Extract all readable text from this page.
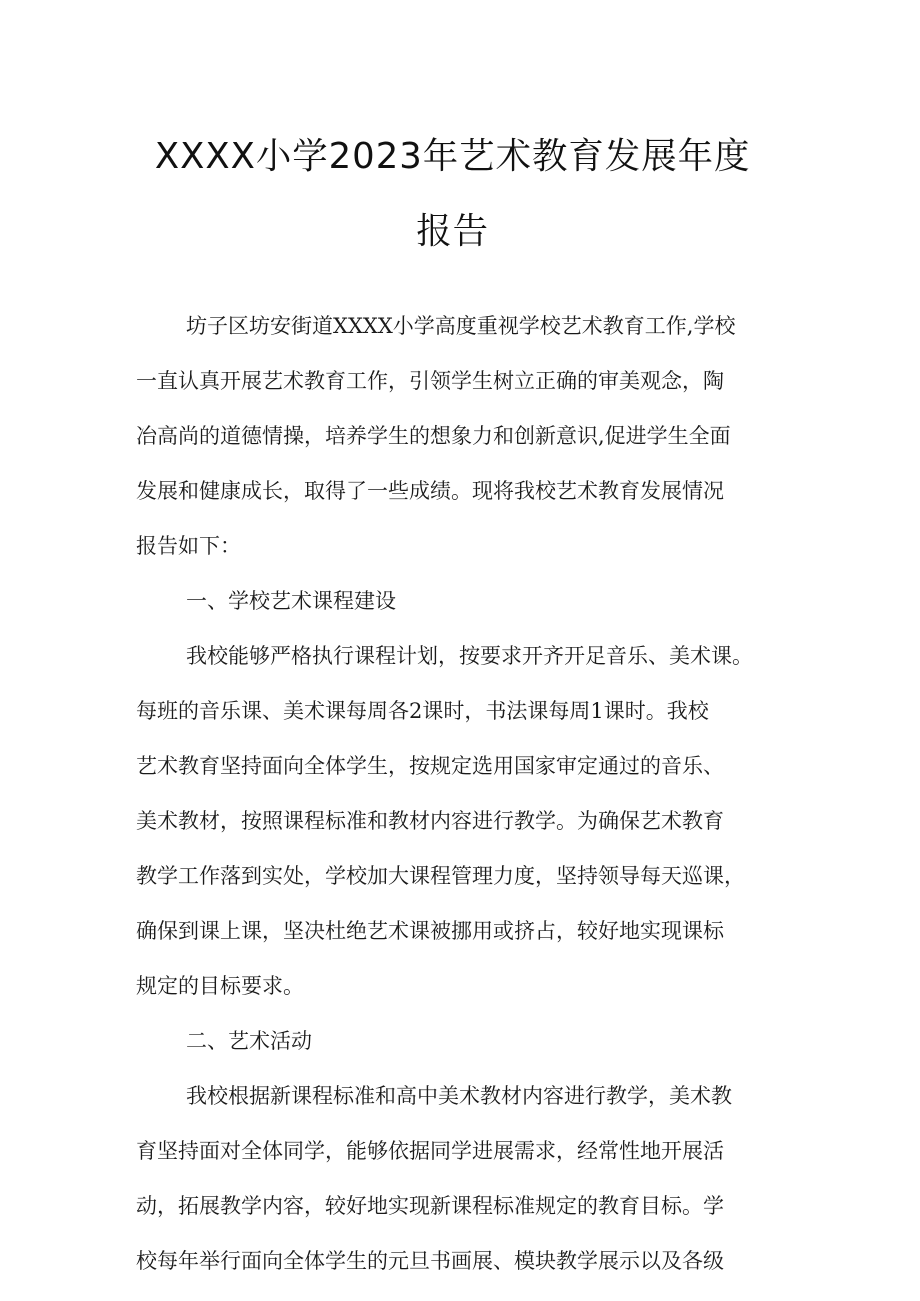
XXXX小学2023年艺术教育发展年度
报告
坊子区坊安街道XXXX小学高度重视学校艺术教育工作,学校
一直认真开展艺术教育工作，引领学生树立正确的审美观念，陶
冶高尚的道德情操，培养学生的想象力和创新意识,促进学生全面
发展和健康成长，取得了一些成绩。现将我校艺术教育发展情况
报告如下：
一、学校艺术课程建设
我校能够严格执行课程计划，按要求开齐开足音乐、美术课。
每班的音乐课、美术课每周各2课时，书法课每周1课时。我校
艺术教育坚持面向全体学生，按规定选用国家审定通过的音乐、
美术教材，按照课程标准和教材内容进行教学。为确保艺术教育
教学工作落到实处，学校加大课程管理力度，坚持领导每天巡课，
确保到课上课，坚决杜绝艺术课被挪用或挤占，较好地实现课标
规定的目标要求。
二、艺术活动
我校根据新课程标准和高中美术教材内容进行教学，美术教
育坚持面对全体同学，能够依据同学进展需求，经常性地开展活
动，拓展教学内容，较好地实现新课程标准规定的教育目标。学
校每年举行面向全体学生的元旦书画展、模块教学展示以及各级
